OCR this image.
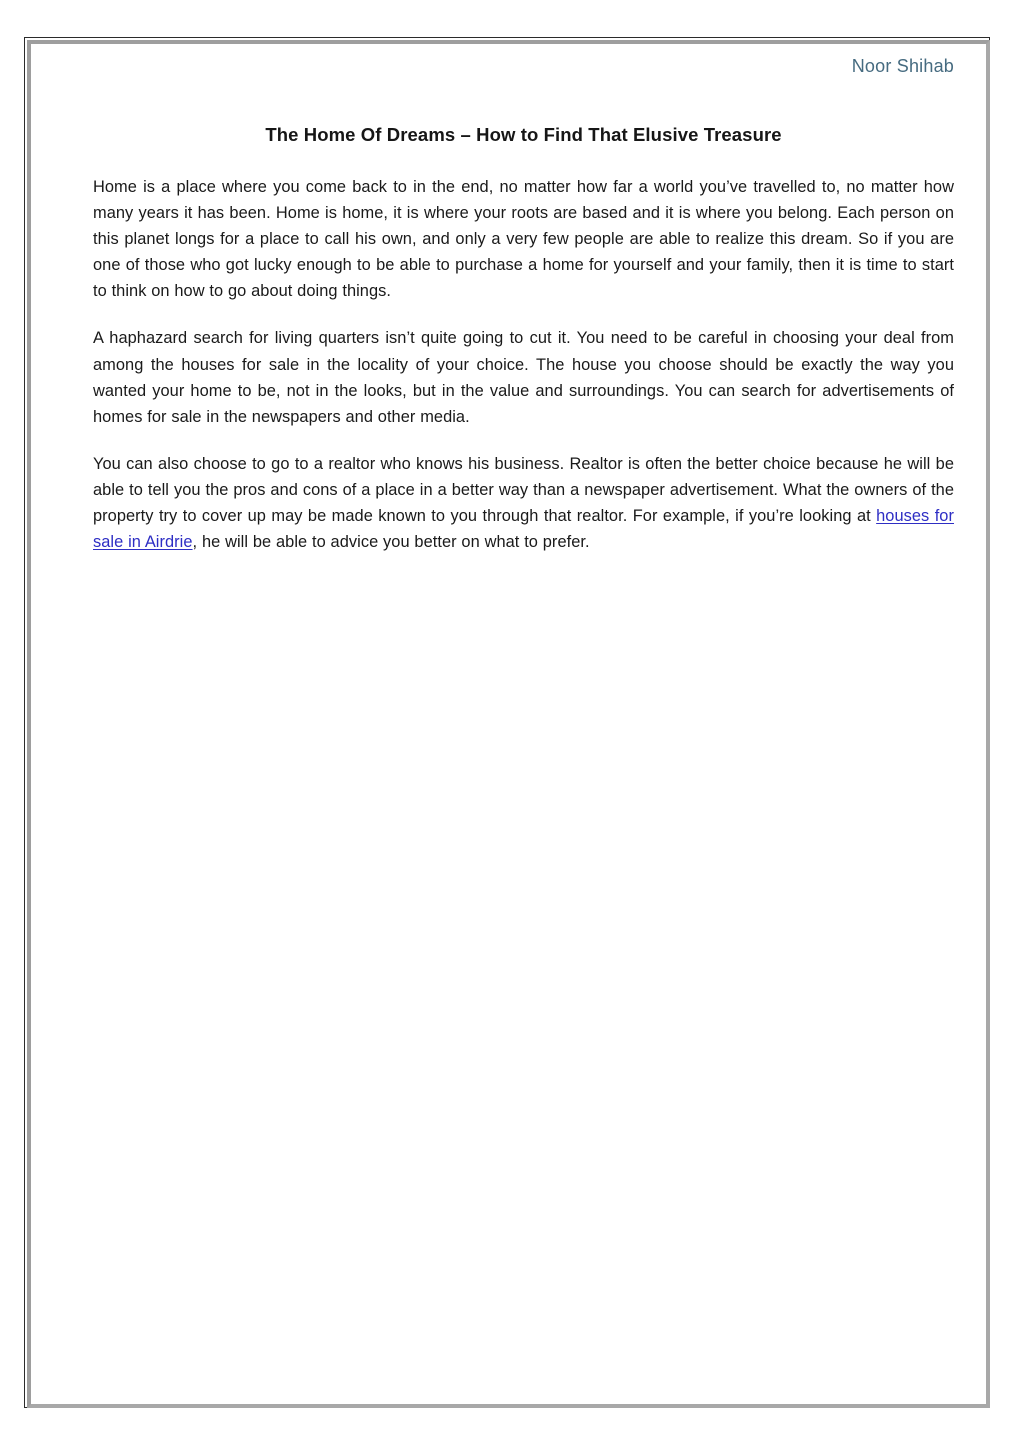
Noor Shihab
The Home Of Dreams – How to Find That Elusive Treasure

Home is a place where you come back to in the end, no matter how far a world you’ve travelled to, no matter how many years it has been. Home is home, it is where your roots are based and it is where you belong. Each person on this planet longs for a place to call his own, and only a very few people are able to realize this dream. So if you are one of those who got lucky enough to be able to purchase a home for yourself and your family, then it is time to start to think on how to go about doing things.

A haphazard search for living quarters isn’t quite going to cut it. You need to be careful in choosing your deal from among the houses for sale in the locality of your choice. The house you choose should be exactly the way you wanted your home to be, not in the looks, but in the value and surroundings. You can search for advertisements of homes for sale in the newspapers and other media.

You can also choose to go to a realtor who knows his business. Realtor is often the better choice because he will be able to tell you the pros and cons of a place in a better way than a newspaper advertisement. What the owners of the property try to cover up may be made known to you through that realtor. For example, if you’re looking at houses for sale in Airdrie, he will be able to advice you better on what to prefer.
